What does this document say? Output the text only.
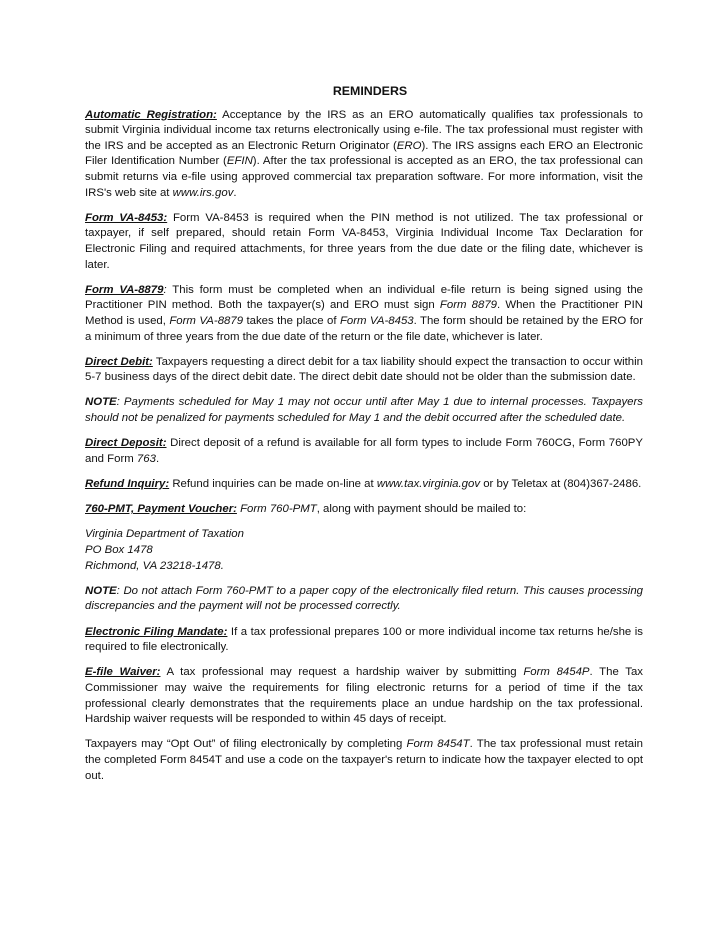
REMINDERS

Automatic Registration: Acceptance by the IRS as an ERO automatically qualifies tax professionals to submit Virginia individual income tax returns electronically using e-file. The tax professional must register with the IRS and be accepted as an Electronic Return Originator (ERO). The IRS assigns each ERO an Electronic Filer Identification Number (EFIN). After the tax professional is accepted as an ERO, the tax professional can submit returns via e-file using approved commercial tax preparation software. For more information, visit the IRS's web site at www.irs.gov.

Form VA-8453: Form VA-8453 is required when the PIN method is not utilized. The tax professional or taxpayer, if self prepared, should retain Form VA-8453, Virginia Individual Income Tax Declaration for Electronic Filing and required attachments, for three years from the due date or the filing date, whichever is later.

Form VA-8879: This form must be completed when an individual e-file return is being signed using the Practitioner PIN method. Both the taxpayer(s) and ERO must sign Form 8879. When the Practitioner PIN Method is used, Form VA-8879 takes the place of Form VA-8453. The form should be retained by the ERO for a minimum of three years from the due date of the return or the file date, whichever is later.

Direct Debit: Taxpayers requesting a direct debit for a tax liability should expect the transaction to occur within 5-7 business days of the direct debit date. The direct debit date should not be older than the submission date.

NOTE: Payments scheduled for May 1 may not occur until after May 1 due to internal processes. Taxpayers should not be penalized for payments scheduled for May 1 and the debit occurred after the scheduled date.

Direct Deposit: Direct deposit of a refund is available for all form types to include Form 760CG, Form 760PY and Form 763.

Refund Inquiry: Refund inquiries can be made on-line at www.tax.virginia.gov or by Teletax at (804)367-2486.

760-PMT, Payment Voucher: Form 760-PMT, along with payment should be mailed to:

Virginia Department of Taxation
PO Box 1478
Richmond, VA 23218-1478.

NOTE: Do not attach Form 760-PMT to a paper copy of the electronically filed return. This causes processing discrepancies and the payment will not be processed correctly.

Electronic Filing Mandate: If a tax professional prepares 100 or more individual income tax returns he/she is required to file electronically.

E-file Waiver: A tax professional may request a hardship waiver by submitting Form 8454P. The Tax Commissioner may waive the requirements for filing electronic returns for a period of time if the tax professional clearly demonstrates that the requirements place an undue hardship on the tax professional. Hardship waiver requests will be responded to within 45 days of receipt.

Taxpayers may “Opt Out” of filing electronically by completing Form 8454T. The tax professional must retain the completed Form 8454T and use a code on the taxpayer's return to indicate how the taxpayer elected to opt out.
